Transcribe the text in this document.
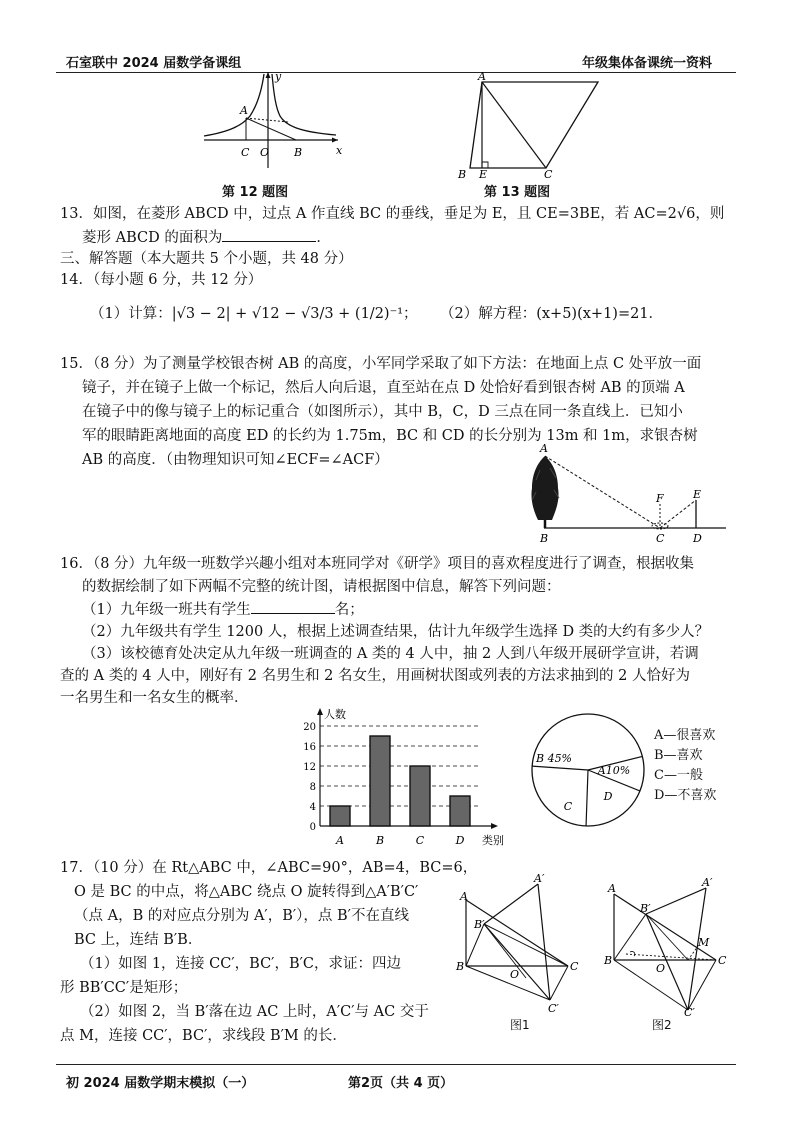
石室联中 2024 届数学备课组	年级集体备课统一资料
y
x
A
C O B
第 12 题图
A
B E	C
第 13 题图
13．如图，在菱形 ABCD 中，过点 A 作直线 BC 的垂线，垂足为 E，且 CE=3BE，若 AC=2√6，则
菱形 ABCD 的面积为	．
三、解答题（本大题共 5 个小题，共 48 分）
14．（每小题 6 分，共 12 分）
（1）计算：|√3 − 2| + √12 − √3/3 + (1/2)⁻¹； （2）解方程：(x+5)(x+1)=21．
15．（8 分）为了测量学校银杏树 AB 的高度，小军同学采取了如下方法：在地面上点 C 处平放一面
镜子，并在镜子上做一个标记，然后人向后退，直至站在点 D 处恰好看到银杏树 AB 的顶端 A
在镜子中的像与镜子上的标记重合（如图所示），其中 B，C，D 三点在同一条直线上．已知小
军的眼睛距离地面的高度 ED 的长约为 1.75m，BC 和 CD 的长分别为 13m 和 1m，求银杏树
AB 的高度．（由物理知识可知∠ECF=∠ACF）
A
F	E
B	C	D
16．（8 分）九年级一班数学兴趣小组对本班同学对《研学》项目的喜欢程度进行了调查，根据收集
的数据绘制了如下两幅不完整的统计图，请根据图中信息，解答下列问题：
（1）九年级一班共有学生	名；
（2）九年级共有学生 1200 人，根据上述调查结果，估计九年级学生选择 D 类的大约有多少人？
（3）该校德育处决定从九年级一班调查的 A 类的 4 人中，抽 2 人到八年级开展研学宣讲，若调
查的 A 类的 4 人中，刚好有 2 名男生和 2 名女生，用画树状图或列表的方法求抽到的 2 人恰好为
一名男生和一名女生的概率．
0
4
8
12
16
20
人数
类别
A	B	C	D
A10%
B 45%
C
D
A—很喜欢
B—喜欢
C—一般
D—不喜欢
17．（10 分）在 Rt△ABC 中，∠ABC=90°，AB=4，BC=6，
O 是 BC 的中点，将△ABC 绕点 O 旋转得到△A′B′C′
（点 A，B 的对应点分别为 A′，B′），点 B′不在直线
BC 上，连结 B′B．
（1）如图 1，连接 CC′，BC′，B′C，求证：四边
形 BB′CC′是矩形；
（2）如图 2，当 B′落在边 AC 上时，A′C′与 AC 交于
点 M，连接 CC′，BC′，求线段 B′M 的长．
A
A′
B′
B
O
C
C′
图1
A	A′
B′
M
B
O
C
C′
图2
初 2024 届数学期末模拟（一）	第2页（共 4 页）
